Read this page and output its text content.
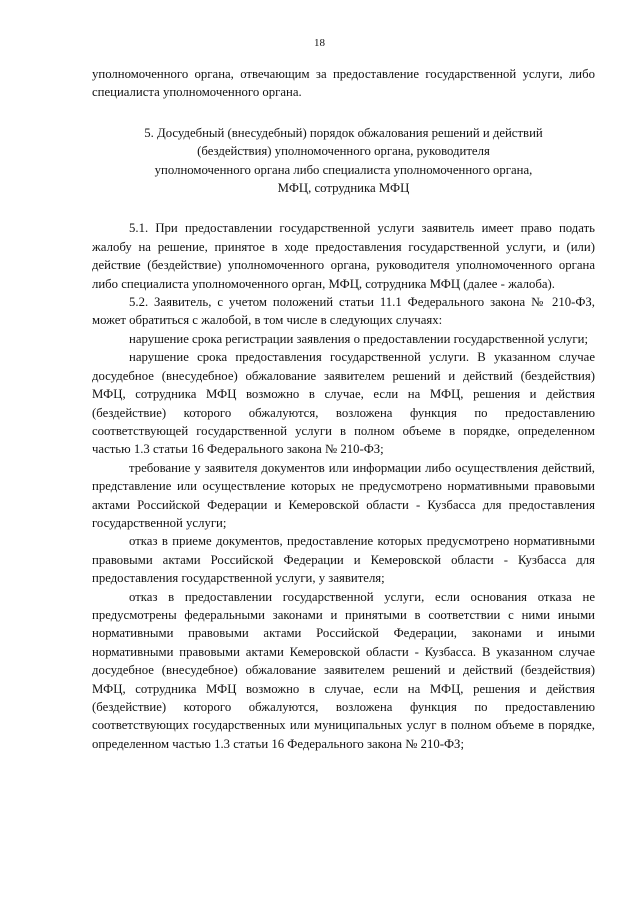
18

уполномоченного органа, отвечающим за предоставление государственной услуги, либо специалиста уполномоченного органа.

5. Досудебный (внесудебный) порядок обжалования решений и действий
(бездействия) уполномоченного органа, руководителя
уполномоченного органа либо специалиста уполномоченного органа,
МФЦ, сотрудника МФЦ

5.1. При предоставлении государственной услуги заявитель имеет право подать жалобу на решение, принятое в ходе предоставления государственной услуги, и (или) действие (бездействие) уполномоченного органа, руководителя уполномоченного органа либо специалиста уполномоченного орган, МФЦ, сотрудника МФЦ (далее - жалоба).

5.2. Заявитель, с учетом положений статьи 11.1 Федерального закона № 210-ФЗ, может обратиться с жалобой, в том числе в следующих случаях:

нарушение срока регистрации заявления о предоставлении государственной услуги;

нарушение срока предоставления государственной услуги. В указанном случае досудебное (внесудебное) обжалование заявителем решений и действий (бездействия) МФЦ, сотрудника МФЦ возможно в случае, если на МФЦ, решения и действия (бездействие) которого обжалуются, возложена функция по предоставлению соответствующей государственной услуги в полном объеме в порядке, определенном частью 1.3 статьи 16 Федерального закона № 210-ФЗ;

требование у заявителя документов или информации либо осуществления действий, представление или осуществление которых не предусмотрено нормативными правовыми актами Российской Федерации и Кемеровской области - Кузбасса для предоставления государственной услуги;

отказ в приеме документов, предоставление которых предусмотрено нормативными правовыми актами Российской Федерации и Кемеровской области - Кузбасса для предоставления государственной услуги, у заявителя;

отказ в предоставлении государственной услуги, если основания отказа не предусмотрены федеральными законами и принятыми в соответствии с ними иными нормативными правовыми актами Российской Федерации, законами и иными нормативными правовыми актами Кемеровской области - Кузбасса. В указанном случае досудебное (внесудебное) обжалование заявителем решений и действий (бездействия) МФЦ, сотрудника МФЦ возможно в случае, если на МФЦ, решения и действия (бездействие) которого обжалуются, возложена функция по предоставлению соответствующих государственных или муниципальных услуг в полном объеме в порядке, определенном частью 1.3 статьи 16 Федерального закона № 210-ФЗ;
